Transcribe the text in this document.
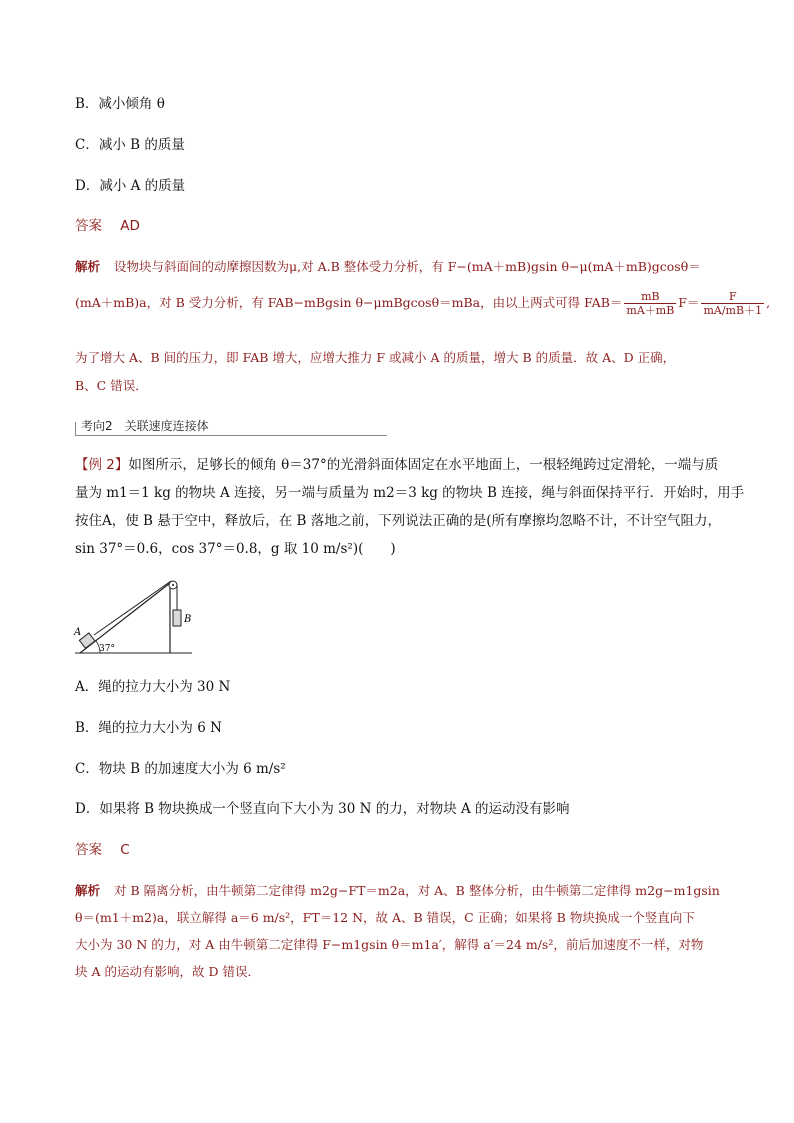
B．减小倾角 θ
C．减小 B 的质量
D．减小 A 的质量
答案 AD
解析 设物块与斜面间的动摩擦因数为μ,对 A.B 整体受力分析，有 F−(mA＋mB)gsin θ−μ(mA＋mB)gcosθ＝
(mA＋mB)a，对 B 受力分析，有 FAB−mBgsin θ−μmBgcosθ＝mBa，由以上两式可得 $FAB= \frac{mB}{mA+mB} F= \frac{F}{mA/mB+1}$ ,
为了增大 A、B 间的压力，即 FAB 增大，应增大推力 F 或减小 A 的质量，增大 B 的质量．故 A、D 正确，
B、C 错误．
考向2　关联速度连接体
【例 2】如图所示，足够长的倾角 θ＝37°的光滑斜面体固定在水平地面上，一根轻绳跨过定滑轮，一端与质
量为 m1＝1 kg 的物块 A 连接，另一端与质量为 m2＝3 kg 的物块 B 连接，绳与斜面保持平行．开始时，用手
按住A，使 B 悬于空中，释放后，在 B 落地之前，下列说法正确的是(所有摩擦均忽略不计，不计空气阻力，
sin 37°＝0.6，cos 37°＝0.8，g 取 10 m/s²)(　　)
A
B
37°
A．绳的拉力大小为 30 N
B．绳的拉力大小为 6 N
C．物块 B 的加速度大小为 6 m/s²
D．如果将 B 物块换成一个竖直向下大小为 30 N 的力，对物块 A 的运动没有影响
答案 C
解析 对 B 隔离分析，由牛顿第二定律得 m2g−FT＝m2a，对 A、B 整体分析，由牛顿第二定律得 m2g−m1gsin
θ＝(m1＋m2)a，联立解得 a＝6 m/s²，FT＝12 N，故 A、B 错误，C 正确；如果将 B 物块换成一个竖直向下
大小为 30 N 的力，对 A 由牛顿第二定律得 F−m1gsin θ＝m1a′，解得 a′＝24 m/s²，前后加速度不一样，对物
块 A 的运动有影响，故 D 错误．
